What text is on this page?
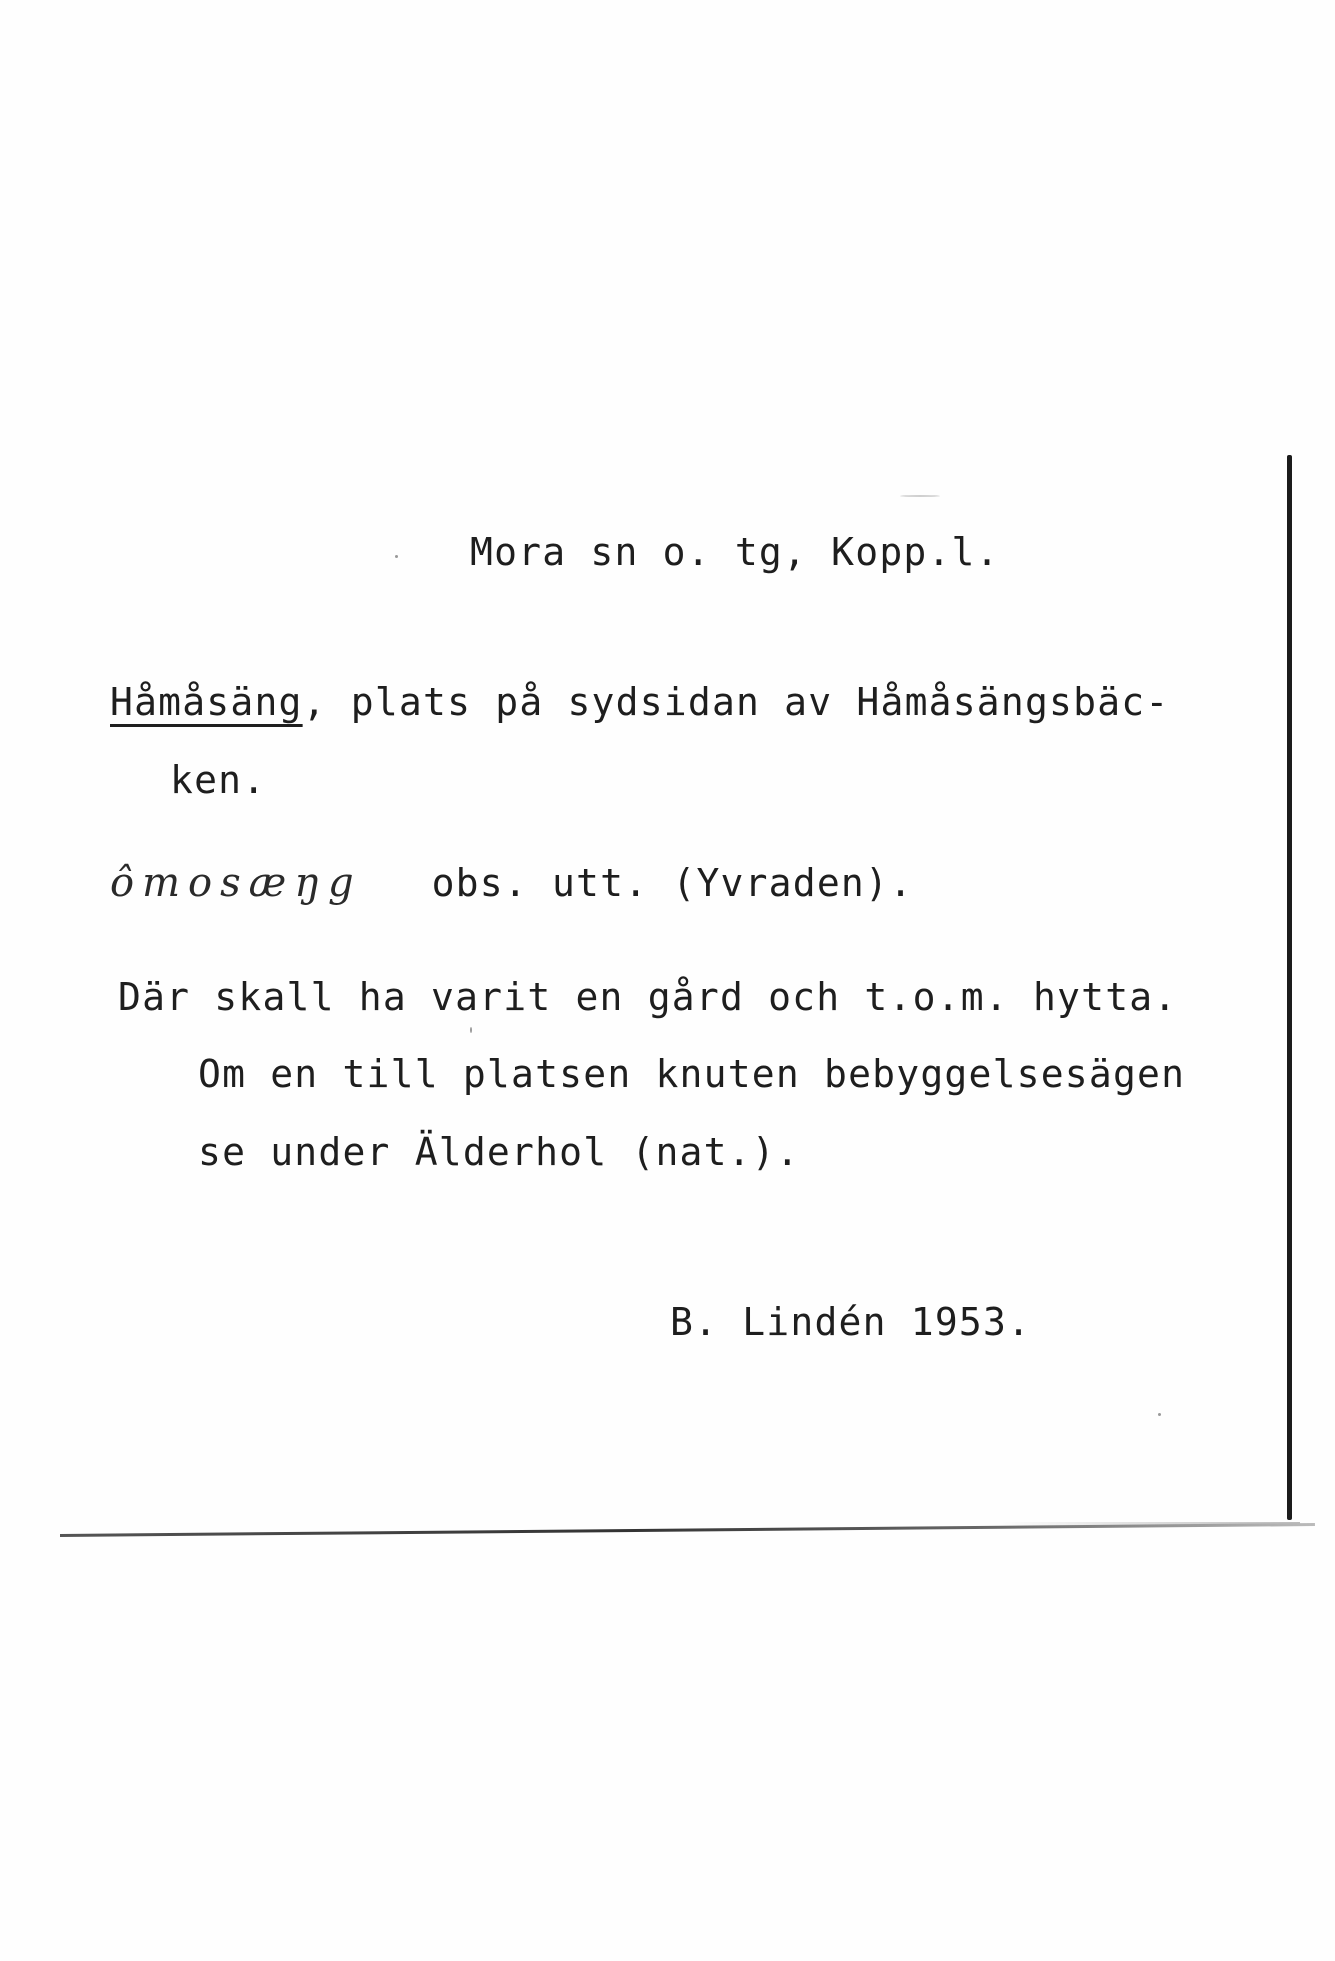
Mora sn o. tg, Kopp.l.
Håmåsäng, plats på sydsidan av Håmåsängsbäc-
ken.
ômosæŋg obs. utt. (Yvraden).
Där skall ha varit en gård och t.o.m. hytta.
Om en till platsen knuten bebyggelsesägen
se under Älderhol (nat.).
B. Lindén 1953.
